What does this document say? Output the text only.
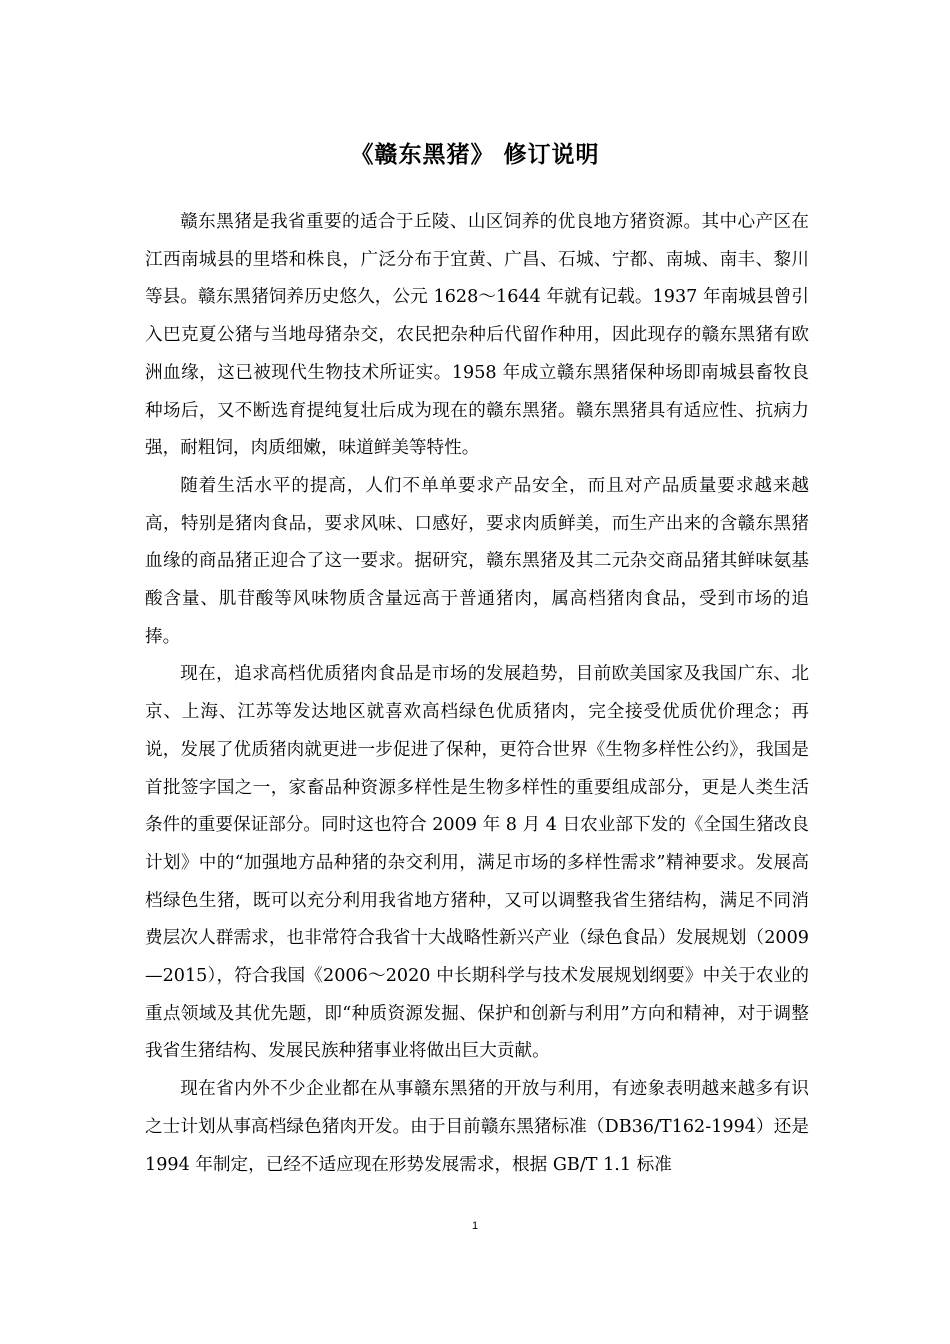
《赣东黑猪》 修订说明

赣东黑猪是我省重要的适合于丘陵、山区饲养的优良地方猪资源。其中心产区在江西南城县的里塔和株良，广泛分布于宜黄、广昌、石城、宁都、南城、南丰、黎川等县。赣东黑猪饲养历史悠久，公元 1628～1644 年就有记载。1937 年南城县曾引入巴克夏公猪与当地母猪杂交，农民把杂种后代留作种用，因此现存的赣东黑猪有欧洲血缘，这已被现代生物技术所证实。1958 年成立赣东黑猪保种场即南城县畜牧良种场后，又不断选育提纯复壮后成为现在的赣东黑猪。赣东黑猪具有适应性、抗病力强，耐粗饲，肉质细嫩，味道鲜美等特性。

随着生活水平的提高，人们不单单要求产品安全，而且对产品质量要求越来越高，特别是猪肉食品，要求风味、口感好，要求肉质鲜美，而生产出来的含赣东黑猪血缘的商品猪正迎合了这一要求。据研究，赣东黑猪及其二元杂交商品猪其鲜味氨基酸含量、肌苷酸等风味物质含量远高于普通猪肉，属高档猪肉食品，受到市场的追捧。

现在，追求高档优质猪肉食品是市场的发展趋势，目前欧美国家及我国广东、北京、上海、江苏等发达地区就喜欢高档绿色优质猪肉，完全接受优质优价理念；再说，发展了优质猪肉就更进一步促进了保种，更符合世界《生物多样性公约》，我国是首批签字国之一，家畜品种资源多样性是生物多样性的重要组成部分，更是人类生活条件的重要保证部分。同时这也符合 2009 年 8 月 4 日农业部下发的《全国生猪改良计划》中的“加强地方品种猪的杂交利用，满足市场的多样性需求”精神要求。发展高档绿色生猪，既可以充分利用我省地方猪种，又可以调整我省生猪结构，满足不同消费层次人群需求，也非常符合我省十大战略性新兴产业（绿色食品）发展规划（2009—2015），符合我国《2006～2020 中长期科学与技术发展规划纲要》中关于农业的重点领域及其优先题，即“种质资源发掘、保护和创新与利用”方向和精神，对于调整我省生猪结构、发展民族种猪事业将做出巨大贡献。

现在省内外不少企业都在从事赣东黑猪的开放与利用，有迹象表明越来越多有识之士计划从事高档绿色猪肉开发。由于目前赣东黑猪标准（DB36/T162-1994）还是 1994 年制定，已经不适应现在形势发展需求，根据 GB/T 1.1 标准

1
